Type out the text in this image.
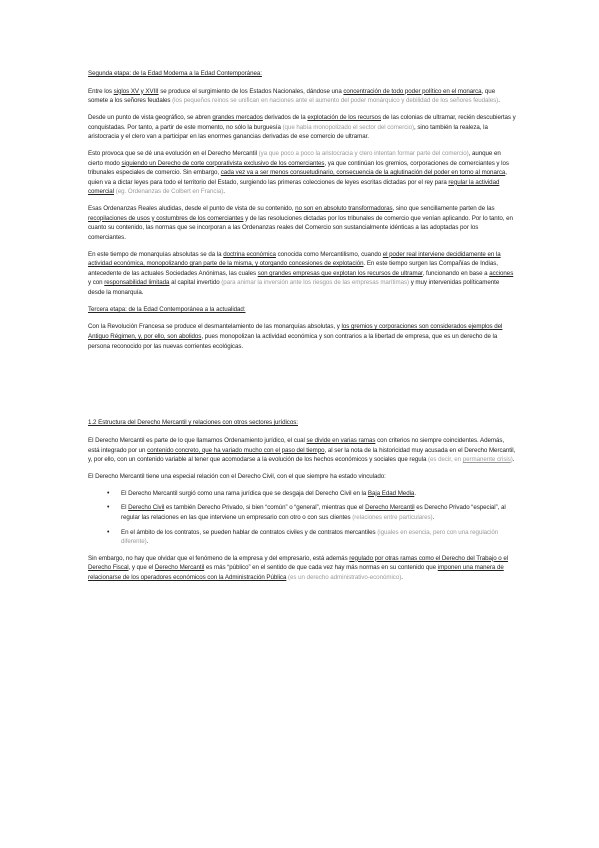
Segunda etapa: de la Edad Moderna a la Edad Contemporánea:

Entre los siglos XV y XVIII se produce el surgimiento de los Estados Nacionales, dándose una concentración de todo poder político en el monarca, que somete a los señores feudales (los pequeños reinos se unifican en naciones ante el aumento del poder monárquico y debilidad de los señores feudales).

Desde un punto de vista geográfico, se abren grandes mercados derivados de la explotación de los recursos de las colonias de ultramar, recién descubiertas y conquistadas. Por tanto, a partir de este momento, no sólo la burguesía (que había monopolizado el sector del comercio), sino también la realeza, la aristocracia y el clero van a participar en las enormes ganancias derivadas de ese comercio de ultramar.

Esto provoca que se dé una evolución en el Derecho Mercantil (ya que poco a poco la aristocracia y clero intentan formar parte del comercio), aunque en cierto modo siguiendo un Derecho de corte corporativista exclusivo de los comerciantes, ya que continúan los gremios, corporaciones de comerciantes y los tribunales especiales de comercio. Sin embargo, cada vez va a ser menos consuetudinario, consecuencia de la aglutinación del poder en torno al monarca, quien va a dictar leyes para todo el territorio del Estado, surgiendo las primeras colecciones de leyes escritas dictadas por el rey para regular la actividad comercial (eg. Ordenanzas de Colbert en Francia).

Esas Ordenanzas Reales aludidas, desde el punto de vista de su contenido, no son en absoluto transformadoras, sino que sencillamente parten de las recopilaciones de usos y costumbres de los comerciantes y de las resoluciones dictadas por los tribunales de comercio que venían aplicando. Por lo tanto, en cuanto su contenido, las normas que se incorporan a las Ordenanzas reales del Comercio son sustancialmente idénticas a las adoptadas por los comerciantes.

En este tiempo de monarquías absolutas se da la doctrina económica conocida como Mercantilismo, cuando el poder real interviene decididamente en la actividad económica, monopolizando gran parte de la misma, y otorgando concesiones de explotación. En este tiempo surgen las Compañías de Indias, antecedente de las actuales Sociedades Anónimas, las cuales son grandes empresas que explotan los recursos de ultramar, funcionando en base a acciones y con responsabilidad limitada al capital invertido (para animar la inversión ante los riesgos de las empresas marítimas) y muy intervenidas políticamente desde la monarquía.

Tercera etapa: de la Edad Contemporánea a la actualidad:

Con la Revolución Francesa se produce el desmantelamiento de las monarquías absolutas, y los gremios y corporaciones son considerados ejemplos del Antiguo Régimen, y, por ello, son abolidos, pues monopolizan la actividad económica y son contrarios a la libertad de empresa, que es un derecho de la persona reconocido por las nuevas corrientes ecológicas.

1.2 Estructura del Derecho Mercantil y relaciones con otros sectores jurídicos:

El Derecho Mercantil es parte de lo que llamamos Ordenamiento jurídico, el cual se divide en varias ramas con criterios no siempre coincidentes. Además, está integrado por un contenido concreto, que ha variado mucho con el paso del tiempo, al ser la nota de la historicidad muy acusada en el Derecho Mercantil, y, por ello, con un contenido variable al tener que acomodarse a la evolución de los hechos económicos y sociales que regula (es decir, en permanente crisis).

El Derecho Mercantil tiene una especial relación con el Derecho Civil, con el que siempre ha estado vinculado:

• El Derecho Mercantil surgió como una rama jurídica que se desgaja del Derecho Civil en la Baja Edad Media.
• El Derecho Civil es también Derecho Privado, si bien “común” o “general”, mientras que el Derecho Mercantil es Derecho Privado “especial”, al regular las relaciones en las que interviene un empresario con otro o con sus clientes (relaciones entre particulares).
• En el ámbito de los contratos, se pueden hablar de contratos civiles y de contratos mercantiles (iguales en esencia, pero con una regulación diferente).

Sin embargo, no hay que olvidar que el fenómeno de la empresa y del empresario, está además regulado por otras ramas como el Derecho del Trabajo o el Derecho Fiscal, y que el Derecho Mercantil es más “público” en el sentido de que cada vez hay más normas en su contenido que imponen una manera de relacionarse de los operadores económicos con la Administración Pública (es un derecho administrativo-económico).
